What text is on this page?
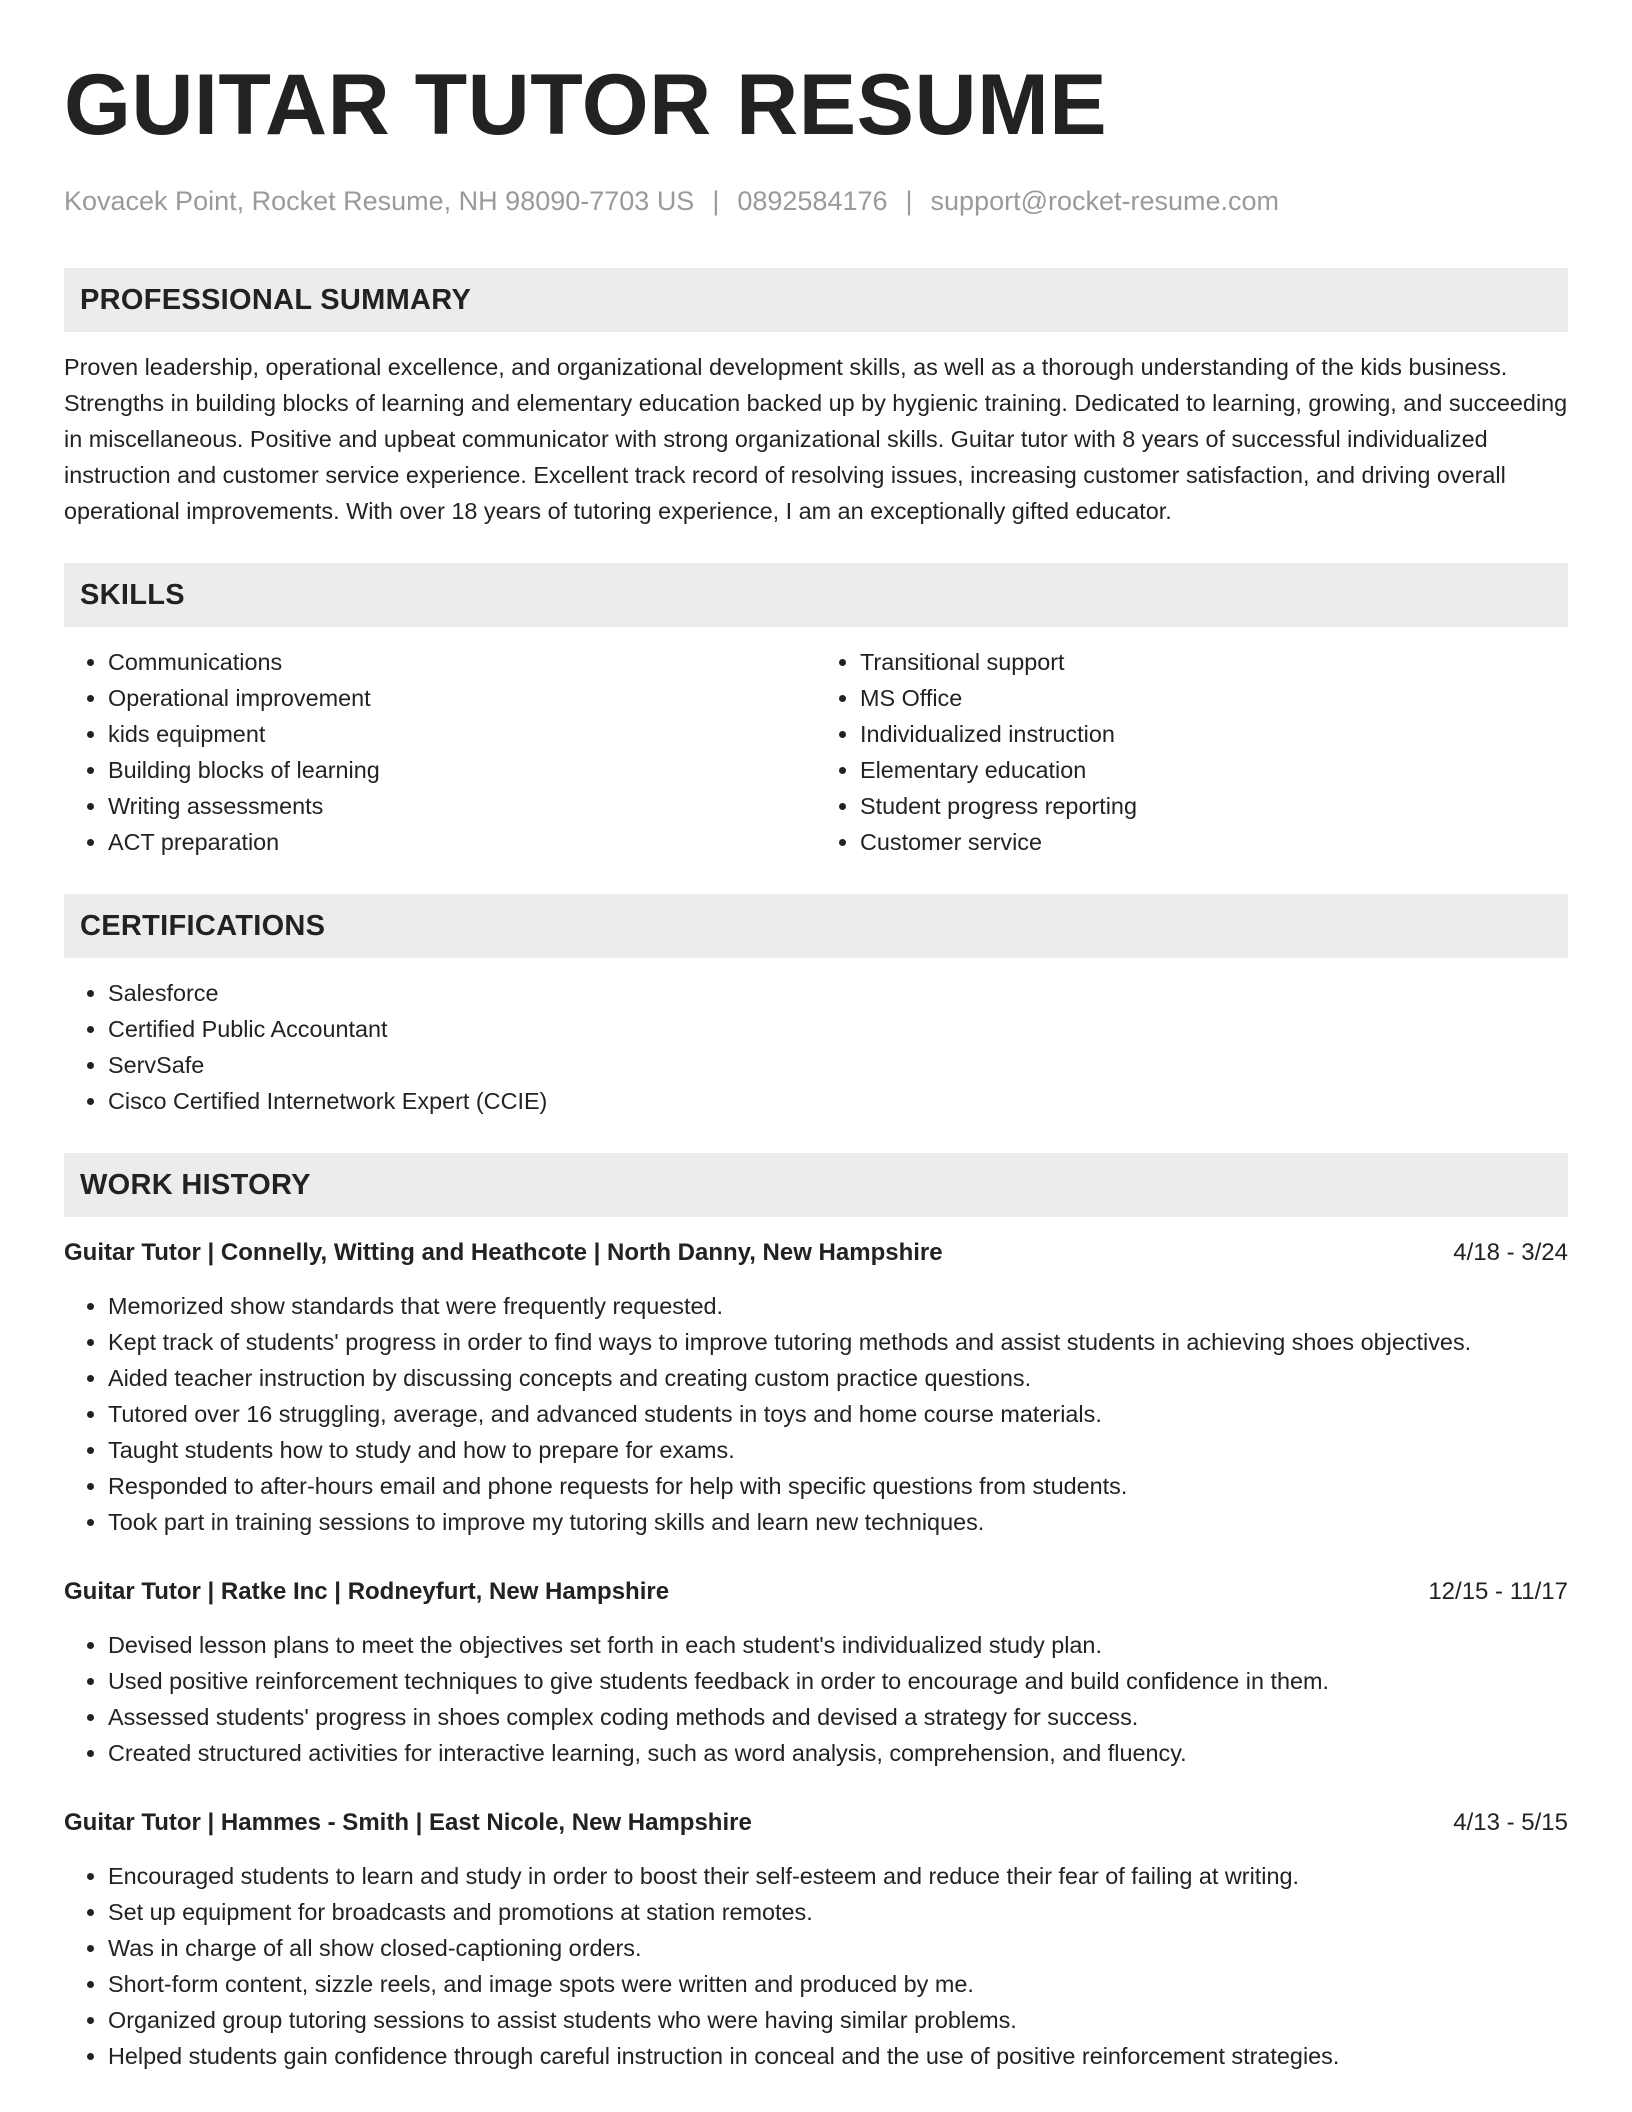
GUITAR TUTOR RESUME
Kovacek Point, Rocket Resume, NH 98090-7703 US | 0892584176 | support@rocket-resume.com
PROFESSIONAL SUMMARY
Proven leadership, operational excellence, and organizational development skills, as well as a thorough understanding of the kids business. Strengths in building blocks of learning and elementary education backed up by hygienic training. Dedicated to learning, growing, and succeeding in miscellaneous. Positive and upbeat communicator with strong organizational skills. Guitar tutor with 8 years of successful individualized instruction and customer service experience. Excellent track record of resolving issues, increasing customer satisfaction, and driving overall operational improvements. With over 18 years of tutoring experience, I am an exceptionally gifted educator.
SKILLS
• Communications
• Operational improvement
• kids equipment
• Building blocks of learning
• Writing assessments
• ACT preparation
• Transitional support
• MS Office
• Individualized instruction
• Elementary education
• Student progress reporting
• Customer service
CERTIFICATIONS
• Salesforce
• Certified Public Accountant
• ServSafe
• Cisco Certified Internetwork Expert (CCIE)
WORK HISTORY
Guitar Tutor | Connelly, Witting and Heathcote | North Danny, New Hampshire	4/18 - 3/24
• Memorized show standards that were frequently requested.
• Kept track of students' progress in order to find ways to improve tutoring methods and assist students in achieving shoes objectives.
• Aided teacher instruction by discussing concepts and creating custom practice questions.
• Tutored over 16 struggling, average, and advanced students in toys and home course materials.
• Taught students how to study and how to prepare for exams.
• Responded to after-hours email and phone requests for help with specific questions from students.
• Took part in training sessions to improve my tutoring skills and learn new techniques.
Guitar Tutor | Ratke Inc | Rodneyfurt, New Hampshire	12/15 - 11/17
• Devised lesson plans to meet the objectives set forth in each student's individualized study plan.
• Used positive reinforcement techniques to give students feedback in order to encourage and build confidence in them.
• Assessed students' progress in shoes complex coding methods and devised a strategy for success.
• Created structured activities for interactive learning, such as word analysis, comprehension, and fluency.
Guitar Tutor | Hammes - Smith | East Nicole, New Hampshire	4/13 - 5/15
• Encouraged students to learn and study in order to boost their self-esteem and reduce their fear of failing at writing.
• Set up equipment for broadcasts and promotions at station remotes.
• Was in charge of all show closed-captioning orders.
• Short-form content, sizzle reels, and image spots were written and produced by me.
• Organized group tutoring sessions to assist students who were having similar problems.
• Helped students gain confidence through careful instruction in conceal and the use of positive reinforcement strategies.
